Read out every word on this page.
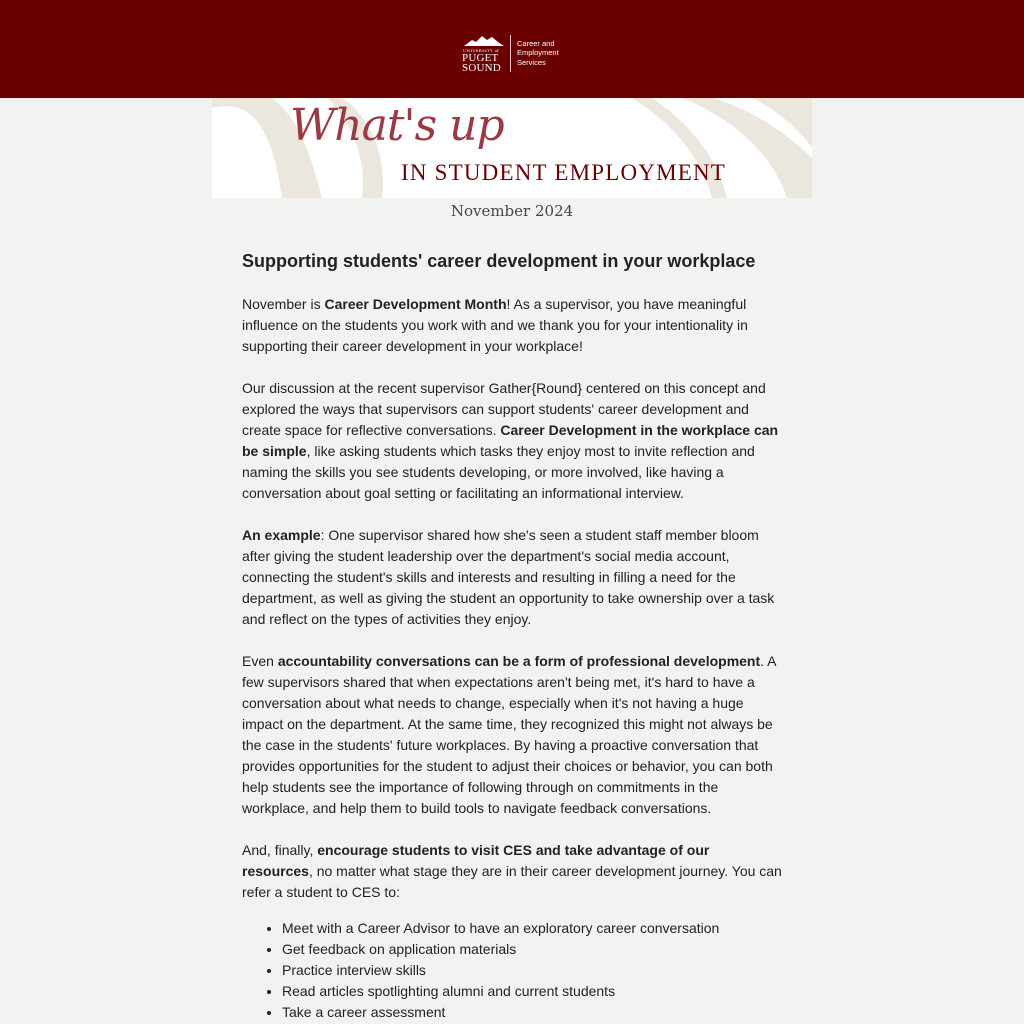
UNIVERSITY of
PUGET
SOUND
Career and
Employment
Services
What's up
IN STUDENT EMPLOYMENT
November 2024
Supporting students' career development in your workplace

November is Career Development Month! As a supervisor, you have meaningful influence on the students you work with and we thank you for your intentionality in supporting their career development in your workplace!

Our discussion at the recent supervisor Gather{Round} centered on this concept and explored the ways that supervisors can support students' career development and create space for reflective conversations. Career Development in the workplace can be simple, like asking students which tasks they enjoy most to invite reflection and naming the skills you see students developing, or more involved, like having a conversation about goal setting or facilitating an informational interview.

An example: One supervisor shared how she's seen a student staff member bloom after giving the student leadership over the department's social media account, connecting the student's skills and interests and resulting in filling a need for the department, as well as giving the student an opportunity to take ownership over a task and reflect on the types of activities they enjoy.

Even accountability conversations can be a form of professional development. A few supervisors shared that when expectations aren't being met, it's hard to have a conversation about what needs to change, especially when it's not having a huge impact on the department. At the same time, they recognized this might not always be the case in the students' future workplaces. By having a proactive conversation that provides opportunities for the student to adjust their choices or behavior, you can both help students see the importance of following through on commitments in the workplace, and help them to build tools to navigate feedback conversations.

And, finally, encourage students to visit CES and take advantage of our resources, no matter what stage they are in their career development journey. You can refer a student to CES to:

• Meet with a Career Advisor to have an exploratory career conversation
• Get feedback on application materials
• Practice interview skills
• Read articles spotlighting alumni and current students
• Take a career assessment
